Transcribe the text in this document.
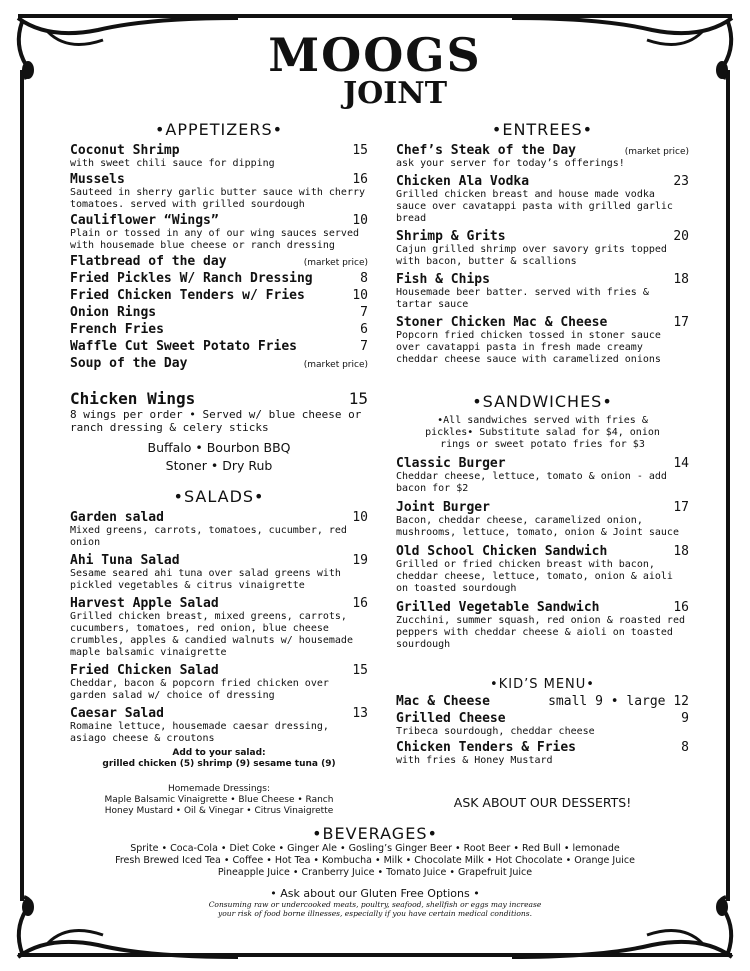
MOOGS
JOINT
•APPETIZERS•
Coconut Shrimp	15
with sweet chili sauce for dipping
Mussels	16
Sauteed in sherry garlic butter sauce with cherry tomatoes. served with grilled sourdough
Cauliflower “Wings”	10
Plain or tossed in any of our wing sauces served with housemade blue cheese or ranch dressing
Flatbread of the day	(market price)
Fried Pickles W/ Ranch Dressing	8
Fried Chicken Tenders w/ Fries	10
Onion Rings	7
French Fries	6
Waffle Cut Sweet Potato Fries	7
Soup of the Day	(market price)
Chicken Wings	15
8 wings per order • Served w/ blue cheese or ranch dressing & celery sticks
Buffalo • Bourbon BBQ
Stoner • Dry Rub
•SALADS•
Garden salad	10
Mixed greens, carrots, tomatoes, cucumber, red onion
Ahi Tuna Salad	19
Sesame seared ahi tuna over salad greens with pickled vegetables & citrus vinaigrette
Harvest Apple Salad	16
Grilled chicken breast, mixed greens, carrots, cucumbers, tomatoes, red onion, blue cheese crumbles, apples & candied walnuts w/ housemade maple balsamic vinaigrette
Fried Chicken Salad	15
Cheddar, bacon & popcorn fried chicken over garden salad w/ choice of dressing
Caesar Salad	13
Romaine lettuce, housemade caesar dressing, asiago cheese & croutons
Add to your salad:
grilled chicken (5) shrimp (9) sesame tuna (9)
Homemade Dressings:
Maple Balsamic Vinaigrette • Blue Cheese • Ranch
Honey Mustard • Oil & Vinegar • Citrus Vinaigrette
•ENTREES•
Chef’s Steak of the Day	(market price)
ask your server for today’s offerings!
Chicken Ala Vodka	23
Grilled chicken breast and house made vodka sauce over cavatappi pasta with grilled garlic bread
Shrimp & Grits	20
Cajun grilled shrimp over savory grits topped with bacon, butter & scallions
Fish & Chips	18
Housemade beer batter. served with fries & tartar sauce
Stoner Chicken Mac & Cheese	17
Popcorn fried chicken tossed in stoner sauce over cavatappi pasta in fresh made creamy cheddar cheese sauce with caramelized onions
•SANDWICHES•
•All sandwiches served with fries & pickles• Substitute salad for $4, onion rings or sweet potato fries for $3
Classic Burger	14
Cheddar cheese, lettuce, tomato & onion - add bacon for $2
Joint Burger	17
Bacon, cheddar cheese, caramelized onion, mushrooms, lettuce, tomato, onion & Joint sauce
Old School Chicken Sandwich	18
Grilled or fried chicken breast with bacon, cheddar cheese, lettuce, tomato, onion & aioli on toasted sourdough
Grilled Vegetable Sandwich	16
Zucchini, summer squash, red onion & roasted red peppers with cheddar cheese & aioli on toasted sourdough
•KID’S MENU•
Mac & Cheese	small 9 • large 12
Grilled Cheese	9
Tribeca sourdough, cheddar cheese
Chicken Tenders & Fries	8
with fries & Honey Mustard
ASK ABOUT OUR DESSERTS!
•BEVERAGES•
Sprite • Coca-Cola • Diet Coke • Ginger Ale • Gosling’s Ginger Beer • Root Beer • Red Bull • lemonade
Fresh Brewed Iced Tea • Coffee • Hot Tea • Kombucha • Milk • Chocolate Milk • Hot Chocolate • Orange Juice
Pineapple Juice • Cranberry Juice • Tomato Juice • Grapefruit Juice
• Ask about our Gluten Free Options •
Consuming raw or undercooked meats, poultry, seafood, shellfish or eggs may increase
your risk of food borne illnesses, especially if you have certain medical conditions.
